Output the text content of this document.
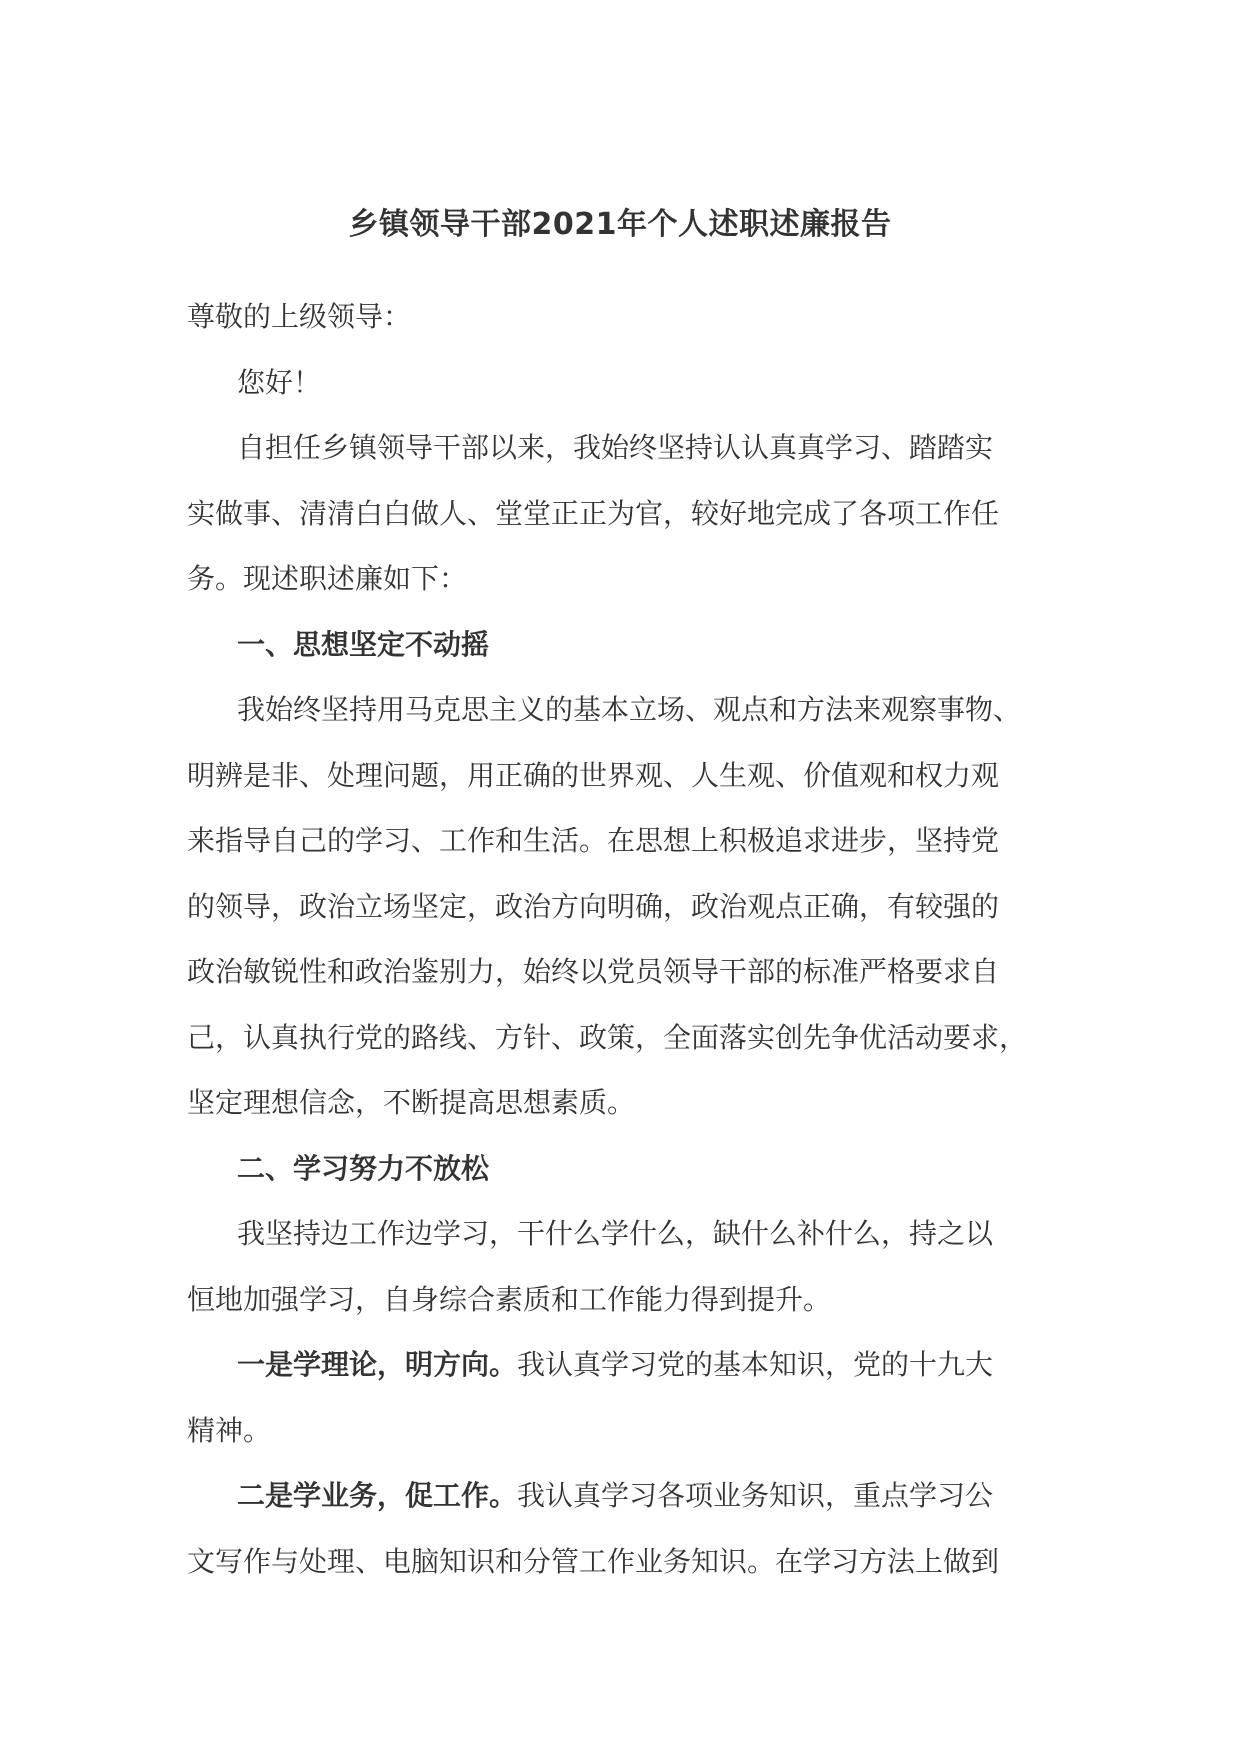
乡镇领导干部2021年个人述职述廉报告
尊敬的上级领导：
您好！
自担任乡镇领导干部以来，我始终坚持认认真真学习、踏踏实
实做事、清清白白做人、堂堂正正为官，较好地完成了各项工作任
务。现述职述廉如下：
一、思想坚定不动摇
我始终坚持用马克思主义的基本立场、观点和方法来观察事物、
明辨是非、处理问题，用正确的世界观、人生观、价值观和权力观
来指导自己的学习、工作和生活。在思想上积极追求进步，坚持党
的领导，政治立场坚定，政治方向明确，政治观点正确，有较强的
政治敏锐性和政治鉴别力，始终以党员领导干部的标准严格要求自
己，认真执行党的路线、方针、政策，全面落实创先争优活动要求，
坚定理想信念，不断提高思想素质。
二、学习努力不放松
我坚持边工作边学习，干什么学什么，缺什么补什么，持之以
恒地加强学习，自身综合素质和工作能力得到提升。
一是学理论，明方向。我认真学习党的基本知识，党的十九大
精神。
二是学业务，促工作。我认真学习各项业务知识，重点学习公
文写作与处理、电脑知识和分管工作业务知识。在学习方法上做到
